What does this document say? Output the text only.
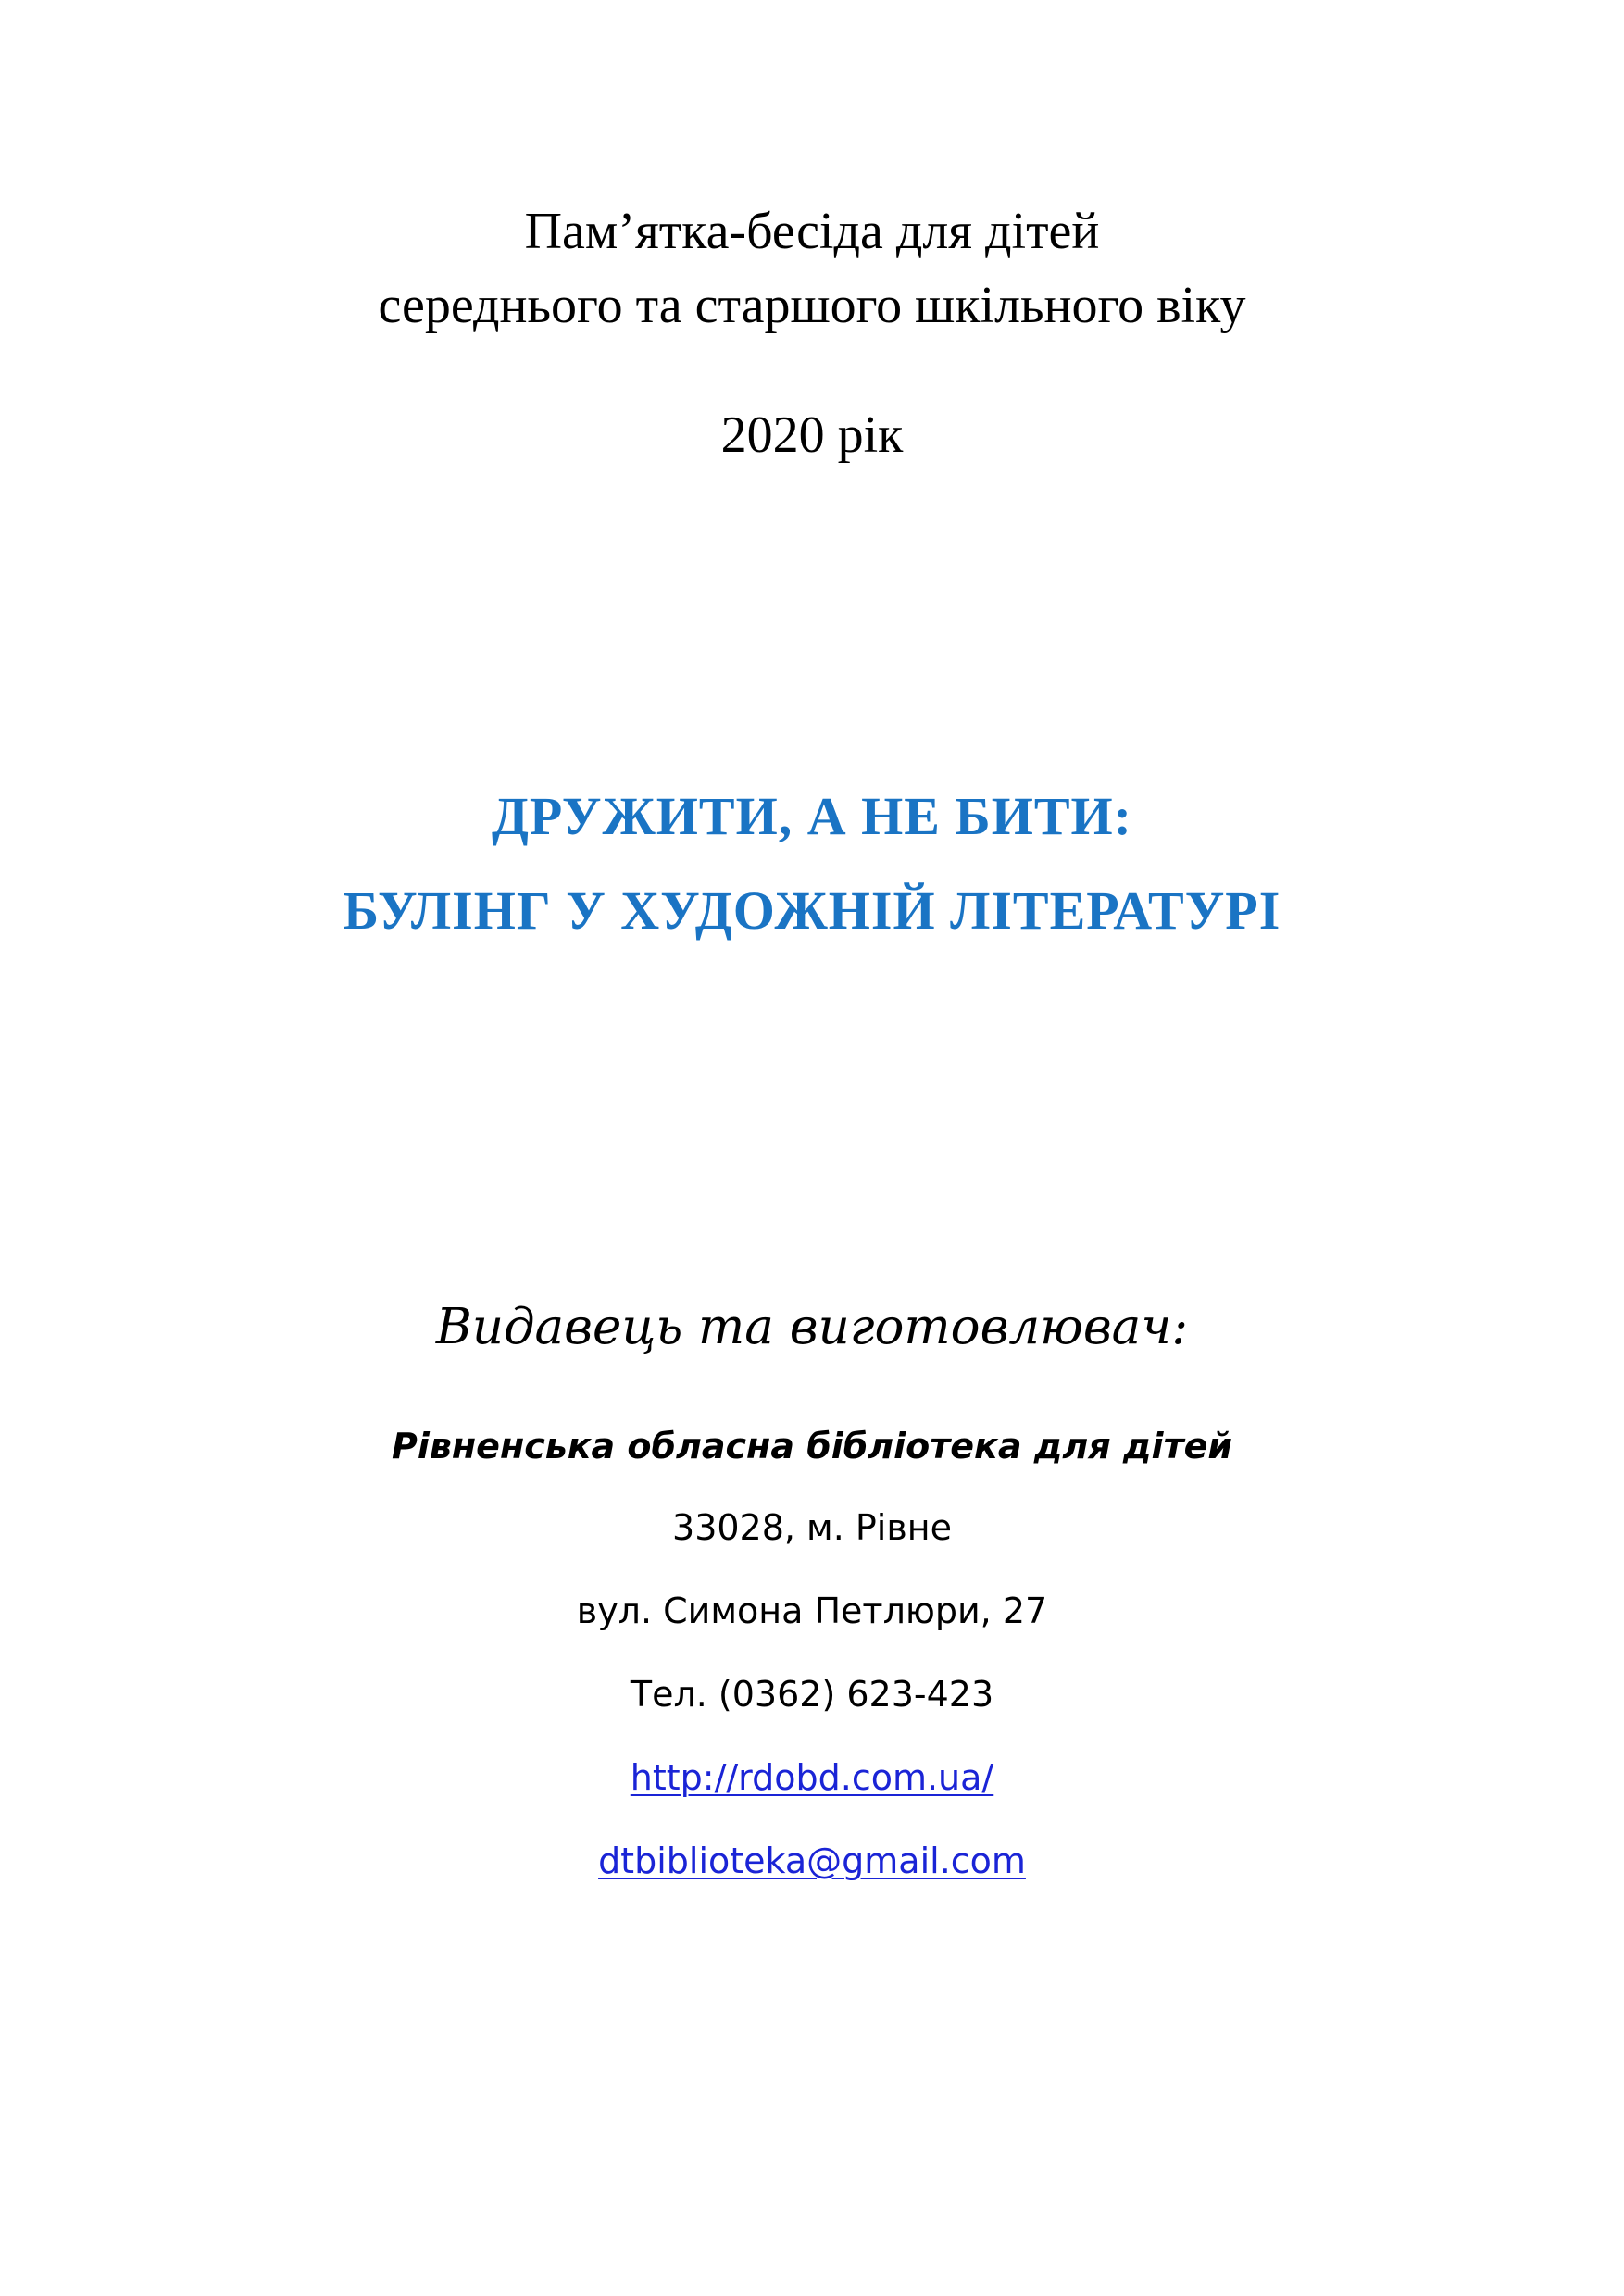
Пам’ятка-бесіда для дітей
середнього та старшого шкільного віку
2020 рік
ДРУЖИТИ, А НЕ БИТИ:
БУЛІНГ У ХУДОЖНІЙ ЛІТЕРАТУРІ
Видавець та виготовлювач:
Рівненська обласна бібліотека для дітей
33028, м. Рівне
вул. Симона Петлюри, 27
Тел. (0362) 623-423
http://rdobd.com.ua/
dtbiblioteka@gmail.com
